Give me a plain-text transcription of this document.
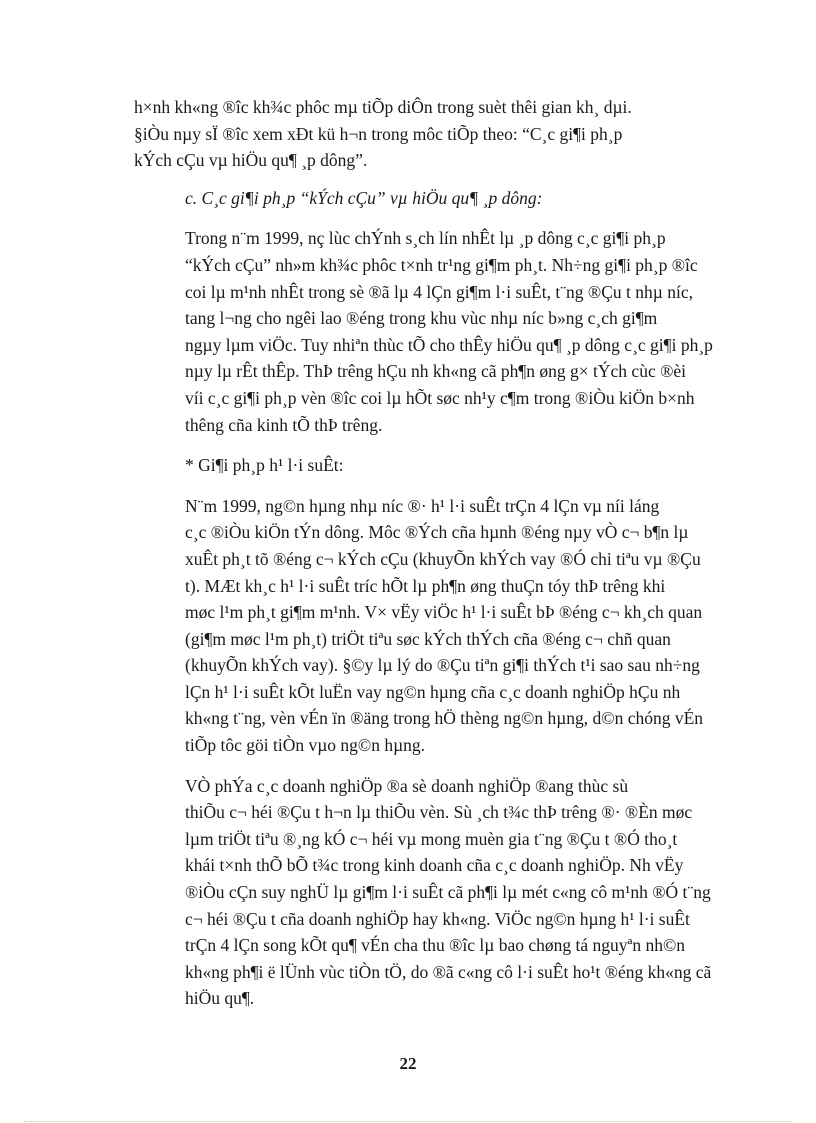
h×nh kh«ng ®îc kh¾c phôc mµ tiÕp diÔn trong suèt thêi gian kh¸ dµi.
§iÒu nµy sÏ ®îc xem xÐt kü h¬n trong môc tiÕp theo: “C¸c gi¶i ph¸p
kÝch cÇu vµ hiÖu qu¶ ¸p dông”.

c. C¸c gi¶i ph¸p “kÝch cÇu” vµ hiÖu qu¶ ¸p dông:

Trong n¨m 1999, nç lùc chÝnh s¸ch lín nhÊt lµ ¸p dông c¸c gi¶i ph¸p
“kÝch cÇu” nh»m kh¾c phôc t×nh tr¹ng gi¶m ph¸t. Nh÷ng gi¶i ph¸p ®îc
coi lµ m¹nh nhÊt trong sè ®ã lµ 4 lÇn gi¶m l·i suÊt, t¨ng ®Çu t nhµ níc,
tang l¬ng cho ngêi lao ®éng trong khu vùc nhµ níc b»ng c¸ch gi¶m
ngµy lµm viÖc. Tuy nhiªn thùc tÕ cho thÊy hiÖu qu¶ ¸p dông c¸c gi¶i ph¸p
nµy lµ rÊt thÊp. ThÞ trêng hÇu nh kh«ng cã ph¶n øng g× tÝch cùc ®èi
víi c¸c gi¶i ph¸p vèn ®îc coi lµ hÕt søc nh¹y c¶m trong ®iÒu kiÖn b×nh
thêng cña kinh tÕ thÞ trêng.

* Gi¶i ph¸p h¹ l·i suÊt:

N¨m 1999, ng©n hµng nhµ níc ®· h¹ l·i suÊt trÇn 4 lÇn vµ níi láng
c¸c ®iÒu kiÖn tÝn dông. Môc ®Ých cña hµnh ®éng nµy vÒ c¬ b¶n lµ
xuÊt ph¸t tõ ®éng c¬ kÝch cÇu (khuyÕn khÝch vay ®Ó chi tiªu vµ ®Çu
t). MÆt kh¸c h¹ l·i suÊt tríc hÕt lµ ph¶n øng thuÇn tóy thÞ trêng khi
møc l¹m ph¸t gi¶m m¹nh. V× vËy viÖc h¹ l·i suÊt bÞ ®éng c¬ kh¸ch quan
(gi¶m møc l¹m ph¸t) triÖt tiªu søc kÝch thÝch cña ®éng c¬ chñ quan
(khuyÕn khÝch vay). §©y lµ lý do ®Çu tiªn gi¶i thÝch t¹i sao sau nh÷ng
lÇn h¹ l·i suÊt kÕt luËn vay ng©n hµng cña c¸c doanh nghiÖp hÇu nh
kh«ng t¨ng, vèn vÉn ïn ®äng trong hÖ thèng ng©n hµng, d©n chóng vÉn
tiÕp tôc göi tiÒn vµo ng©n hµng.

VÒ phÝa c¸c doanh nghiÖp ®a sè doanh nghiÖp ®ang thùc sù
thiÕu c¬ héi ®Çu t h¬n lµ thiÕu vèn. Sù ¸ch t¾c thÞ trêng ®· ®Èn møc
lµm triÖt tiªu ®¸ng kÓ c¬ héi vµ mong muèn gia t¨ng ®Çu t ®Ó tho¸t
khái t×nh thÕ bÕ t¾c trong kinh doanh cña c¸c doanh nghiÖp. Nh vËy
®iÒu cÇn suy nghÜ lµ gi¶m l·i suÊt cã ph¶i lµ mét c«ng cô m¹nh ®Ó t¨ng
c¬ héi ®Çu t cña doanh nghiÖp hay kh«ng. ViÖc ng©n hµng h¹ l·i suÊt
trÇn 4 lÇn song kÕt qu¶ vÉn cha thu ®îc lµ bao chøng tá nguyªn nh©n
kh«ng ph¶i ë lÜnh vùc tiÒn tÖ, do ®ã c«ng cô l·i suÊt ho¹t ®éng kh«ng cã
hiÖu qu¶.

22
